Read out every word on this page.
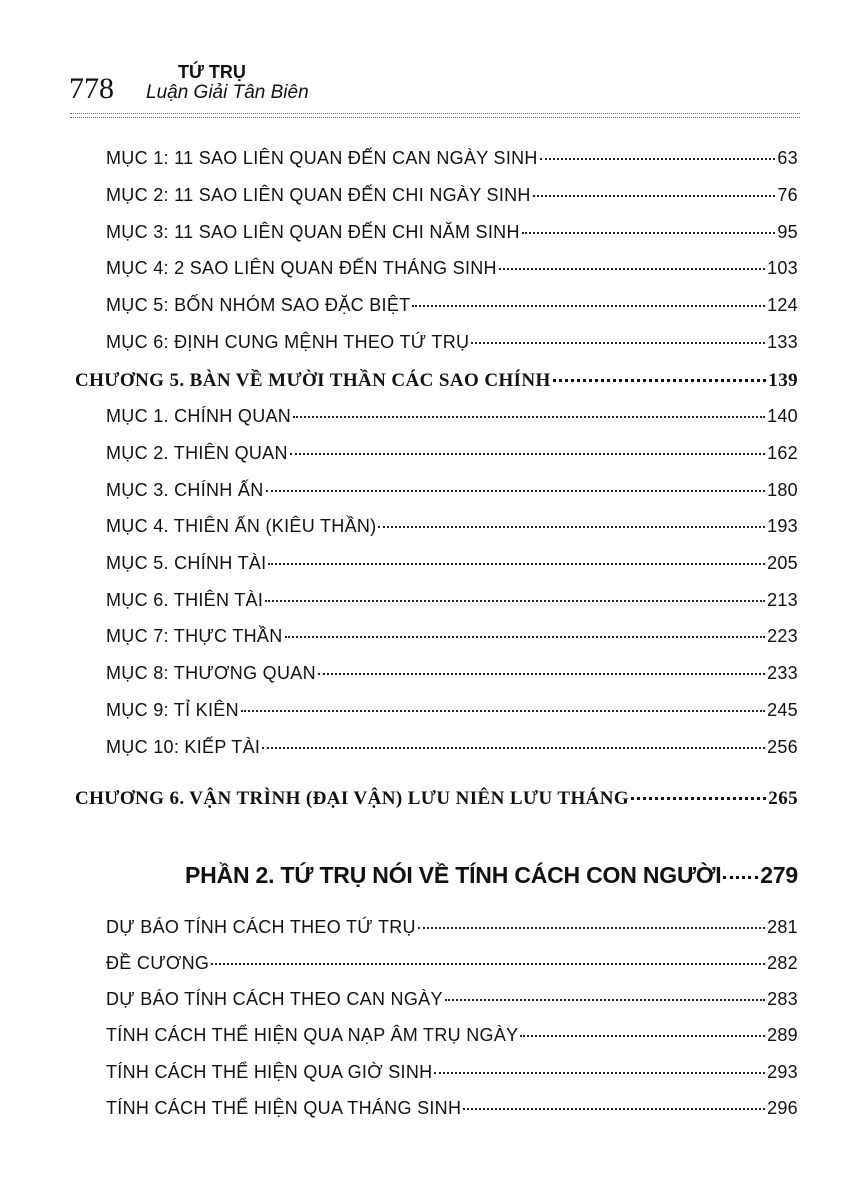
778	TỨ TRỤ
Luận Giải Tân Biên
MỤC 1: 11 SAO LIÊN QUAN ĐẾN CAN NGÀY SINH	63
MỤC 2: 11 SAO LIÊN QUAN ĐẾN CHI NGÀY SINH	76
MỤC 3: 11 SAO LIÊN QUAN ĐẾN CHI NĂM SINH	95
MỤC 4: 2 SAO LIÊN QUAN ĐẾN THÁNG SINH	103
MỤC 5: BỐN NHÓM SAO ĐẶC BIỆT	124
MỤC 6: ĐỊNH CUNG MỆNH THEO TỨ TRỤ	133
CHƯƠNG 5. BÀN VỀ MƯỜI THẦN CÁC SAO CHÍNH	139
MỤC 1. CHÍNH QUAN	140
MỤC 2. THIÊN QUAN	162
MỤC 3. CHÍNH ẤN	180
MỤC 4. THIÊN ẤN (KIÊU THẦN)	193
MỤC 5. CHÍNH TÀI	205
MỤC 6. THIÊN TÀI	213
MỤC 7: THỰC THẦN	223
MỤC 8: THƯƠNG QUAN	233
MỤC 9: TỈ KIÊN	245
MỤC 10: KIẾP TÀI	256
CHƯƠNG 6. VẬN TRÌNH (ĐẠI VẬN) LƯU NIÊN LƯU THÁNG	265
PHẦN 2. TỨ TRỤ NÓI VỀ TÍNH CÁCH CON NGƯỜI 279
DỰ BÁO TÍNH CÁCH THEO TỨ TRỤ	281
ĐỀ CƯƠNG	282
DỰ BÁO TÍNH CÁCH THEO CAN NGÀY	283
TÍNH CÁCH THỂ HIỆN QUA NẠP ÂM TRỤ NGÀY	289
TÍNH CÁCH THỂ HIỆN QUA GIỜ SINH	293
TÍNH CÁCH THỂ HIỆN QUA THÁNG SINH	296
